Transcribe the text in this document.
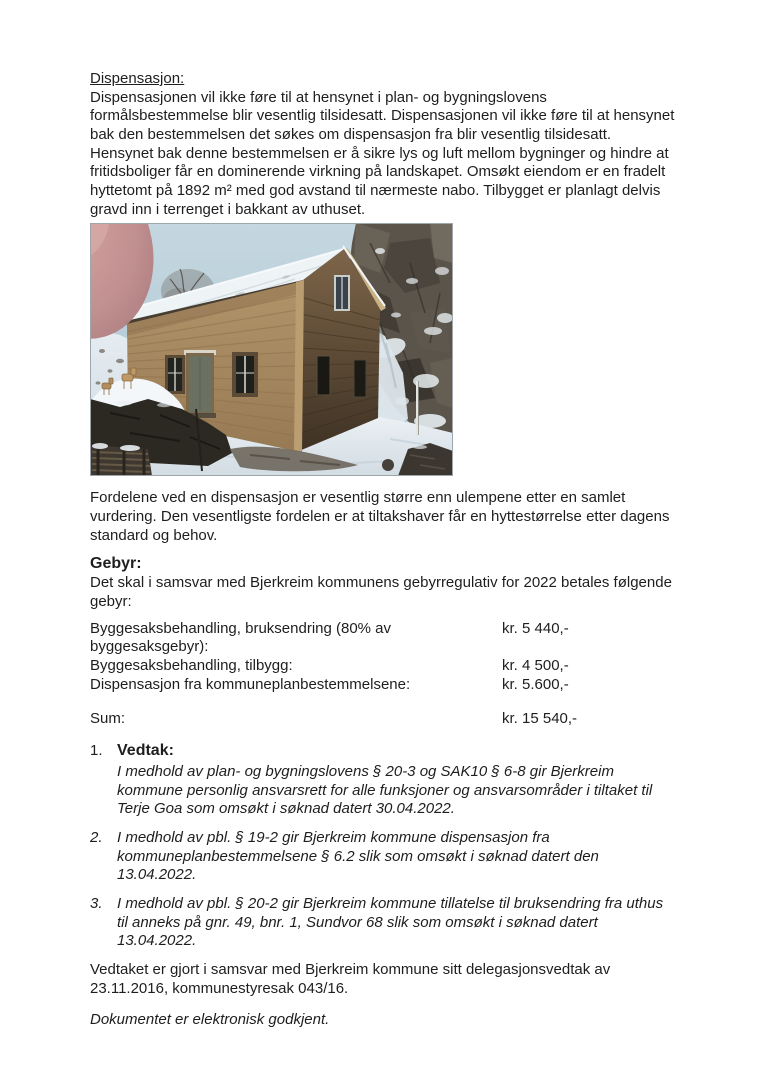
Dispensasjon:

Dispensasjonen vil ikke føre til at hensynet i plan- og bygningslovens formålsbestemmelse blir vesentlig tilsidesatt. Dispensasjonen vil ikke føre til at hensynet bak den bestemmelsen det søkes om dispensasjon fra blir vesentlig tilsidesatt. Hensynet bak denne bestemmelsen er å sikre lys og luft mellom bygninger og hindre at fritidsboliger får en dominerende virkning på landskapet. Omsøkt eiendom er en fradelt hyttetomt på 1892 m² med god avstand til nærmeste nabo. Tilbygget er planlagt delvis gravd inn i terrenget i bakkant av uthuset.

Fordelene ved en dispensasjon er vesentlig større enn ulempene etter en samlet vurdering. Den vesentligste fordelen er at tiltakshaver får en hyttestørrelse etter dagens standard og behov.

Gebyr:

Det skal i samsvar med Bjerkreim kommunens gebyrregulativ for 2022 betales følgende gebyr:

Byggesaksbehandling, bruksendring (80% av byggesaksgebyr):
kr. 5 440,-
Byggesaksbehandling, tilbygg:	kr. 4 500,-
Dispensasjon fra kommuneplanbestemmelsene:	kr. 5.600,-
Sum:	kr. 15 540,-
1. Vedtak:
I medhold av plan- og bygningslovens § 20-3 og SAK10 § 6-8 gir Bjerkreim kommune personlig ansvarsrett for alle funksjoner og ansvarsområder i tiltaket til Terje Goa som omsøkt i søknad datert 30.04.2022.
2. I medhold av pbl. § 19-2 gir Bjerkreim kommune dispensasjon fra kommuneplanbestemmelsene § 6.2 slik som omsøkt i søknad datert den 13.04.2022.
3. I medhold av pbl. § 20-2 gir Bjerkreim kommune tillatelse til bruksendring fra uthus til anneks på gnr. 49, bnr. 1, Sundvor 68 slik som omsøkt i søknad datert 13.04.2022.

Vedtaket er gjort i samsvar med Bjerkreim kommune sitt delegasjonsvedtak av 23.11.2016, kommunestyresak 043/16.

Dokumentet er elektronisk godkjent.
